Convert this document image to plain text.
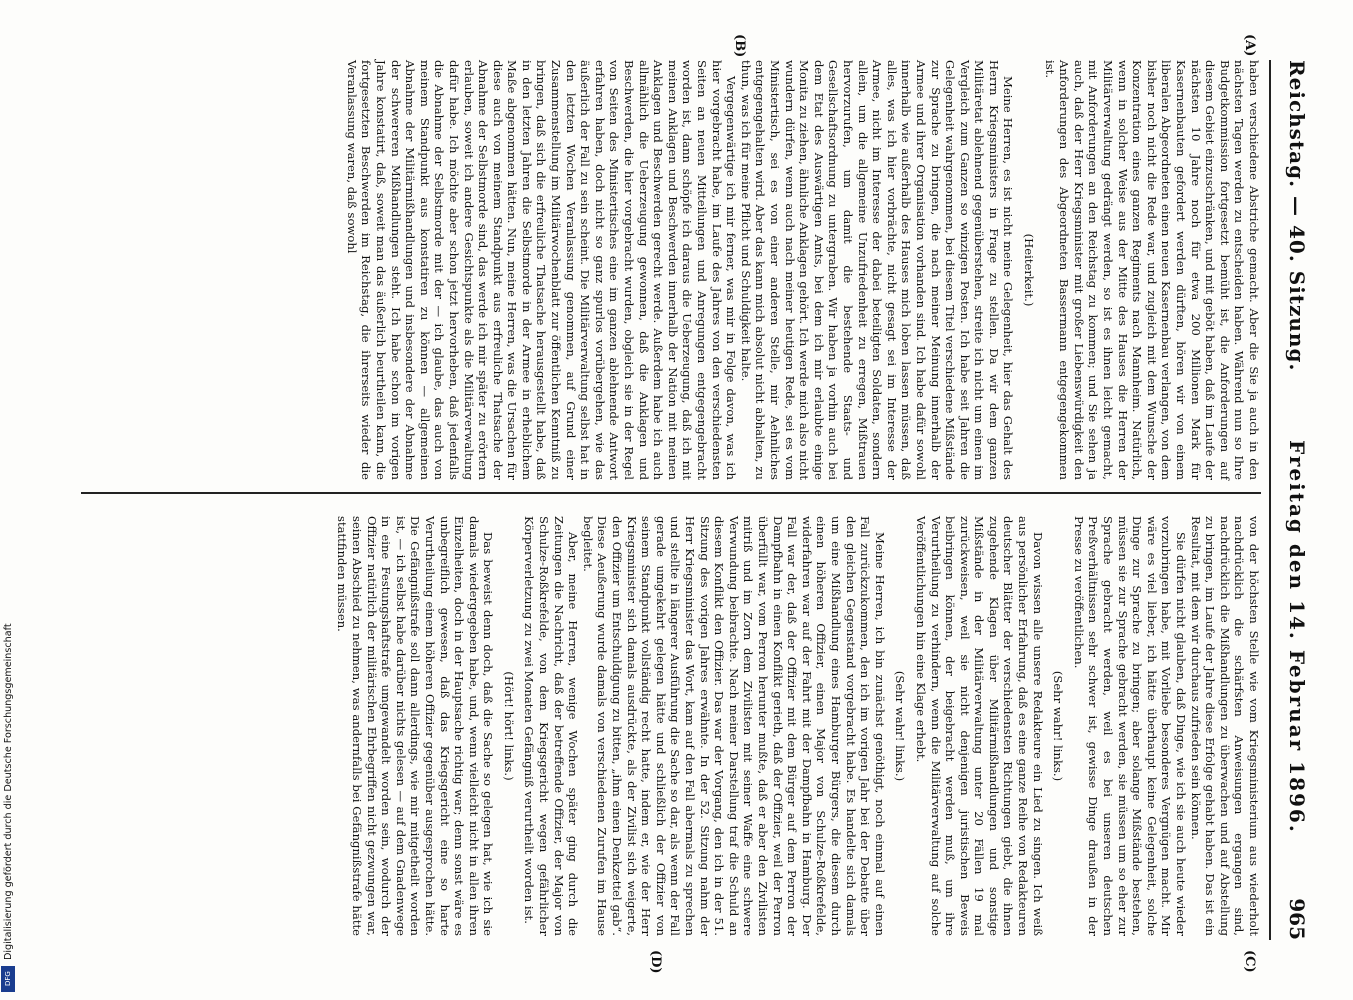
Reichstag. — 40. Sitzung.
Freitag den 14. Februar 1896.
965
(A)
(B)
(C)
(D)

haben verschiedene Abstriche gemacht. Aber die Sie ja auch in den nächsten Tagen werden zu entscheiden haben. Während nun so Ihre Budgetkommission fortgesetzt bemüht ist, die Anforderungen auf diesem Gebiet einzuschränken, und mit geböt haben, daß im Laufe der nächsten 10 Jahre noch für etwa 200 Millionen Mark für Kasernenbauten gefordert werden dürften, hören wir von einem liberalen Abgeordneten einen neuen Kasernenbau verlangen, von dem bisher noch nicht die Rede war, und zugleich mit dem Wunsche der Konzentration eines ganzen Regiments nach Mannheim. Natürlich, wenn in solcher Weise aus der Mitte des Hauses die Herren der Militärverwaltung gedrängt werden, so ist es ihnen leicht gemacht, mit Anforderungen an den Reichstag zu kommen; und Sie sehen ja auch, daß der Herr Kriegsminister mit großer Liebenswürdigkeit den Anforderungen des Abgeordneten Bassermann entgegengekommen ist.

(Heiterkeit.)

Meine Herren, es ist nicht meine Gelegenheit, hier das Gehalt des Herrn Kriegsministers in Frage zu stellen. Da wir dem ganzen Militäretat ablehnend gegenüberstehen, streite ich nicht um einen im Vergleich zum Ganzen so winzigen Posten. Ich habe seit Jahren die Gelegenheit wahrgenommen, bei diesem Titel verschiedene Mißstände zur Sprache zu bringen, die nach meiner Meinung innerhalb der Armee und ihrer Organisation vorhanden sind. Ich habe dafür sowohl innerhalb wie außerhalb des Hauses mich loben lassen müssen, daß alles, was ich hier vorbrächte, nicht gesagt sei im Interesse der Armee, nicht im Interesse der dabei beteiligten Soldaten, sondern allein, um die allgemeine Unzufriedenheit zu erregen, Mißtrauen hervorzurufen, um damit die bestehende Staats- und Gesellschaftsordnung zu untergraben. Wir haben ja vorhin auch bei dem Etat des Auswärtigen Amts, bei dem ich mir erlaubte einige Monita zu ziehen, ähnliche Anklagen gehört. Ich werde mich also nicht wundern dürfen, wenn auch nach meiner heutigen Rede, sei es vom Ministertisch, sei es von einer anderen Stelle, mir Aehnliches entgegengehalten wird. Aber das kann mich absolut nicht abhalten, zu thun, was ich für meine Pflicht und Schuldigkeit halte.

Vergegenwärtige ich mir ferner, was mir in Folge davon, was ich hier vorgebracht habe, im Laufe des Jahres von den verschiedensten Seiten an neuen Mitteilungen und Anregungen entgegengebracht worden ist, dann schöpfe ich daraus die Ueberzeugung, daß ich mit meinen Anklagen und Beschwerden innerhalb der Nation mit meinen Anklagen und Beschwerden gerecht werde. Außerdem habe ich auch allmählich die Ueberzeugung gewonnen, daß die Anklagen und Beschwerden, die hier vorgebracht wurden, obgleich sie in der Regel von Seiten des Ministertisches eine im ganzen ablehnende Antwort erfahren haben, doch nicht so ganz spurlos vorübergehen, wie das äußerlich der Fall zu sein scheint. Die Militärverwaltung selbst hat in den letzten Wochen Veranlassung genommen, auf Grund einer Zusammenstellung im Militärwochenblatt zur öffentlichen Kenntniß zu bringen, daß sich die erfreuliche Thatsache herausgestellt habe, daß in den letzten Jahren die Selbstmorde in der Armee in erheblichem Maße abgenommen hätten. Nun, meine Herren, was die Ursachen für diese auch von meinem Standpunkt aus erfreuliche Thatsache der Abnahme der Selbstmorde sind, das werde ich mir später zu erörtern erlauben, soweit ich andere Gesichtspunkte als die Militärverwaltung dafür habe. Ich möchte aber schon jetzt hervorheben, daß jedenfalls die Abnahme der Selbstmorde mit der — ich glaube, das auch von meinem Standpunkt aus konstatiren zu können — allgemeinen Abnahme der Militärmißhandlungen und insbesondere der Abnahme der schwereren Mißhandlungen steht. Ich habe schon im vorigen Jahre konstatirt, daß, soweit man das äußerlich beurtheilen kann, die fortgesetzten Beschwerden im Reichstag, die ihrerseits wieder die Veranlassung waren, daß sowohl

von der höchsten Stelle wie vom Kriegsministerium aus wiederholt nachdrücklich die schärfsten Anweisungen ergangen sind, nachdrücklich die Mißhandlungen zu überwachen und auf Abstellung zu bringen, im Laufe der Jahre diese Erfolge gehabt haben. Das ist ein Resultat, mit dem wir durchaus zufrieden sein können.

Sie dürfen nicht glauben, daß Dinge, wie ich sie auch heute wieder vorzubringen habe, mit Vorliebe besonderes Vergnügen macht. Mir wäre es viel lieber, ich hätte überhaupt keine Gelegenheit, solche Dinge zur Sprache zu bringen; aber solange Mißstände bestehen, müssen sie zur Sprache gebracht werden, sie müssen um so eher zur Sprache gebracht werden, weil es bei unseren deutschen Preßverhältnissen sehr schwer ist, gewisse Dinge draußen in der Presse zu veröffentlichen.

(Sehr wahr! links.)

Davon wissen alle unsere Redakteure ein Lied zu singen. Ich weiß aus persönlicher Erfahrung, daß es eine ganze Reihe von Redakteuren deutscher Blätter der verschiedensten Richtungen giebt, die ihnen zugehende Klagen über Militärmißhandlungen und sonstige Mißstände in der Militärverwaltung unter 20 Fällen 19 mal zurückweisen, weil sie nicht denjenigen juristischen Beweis beibringen können, der beigebracht werden muß, um ihre Verurtheilung zu verhindern, wenn die Militärverwaltung auf solche Veröffentlichungen hin eine Klage erhebt.

(Sehr wahr! links.)

Meine Herren, ich bin zunächst genöthigt, noch einmal auf einen Fall zurückzukommen, den ich im vorigen Jahr bei der Debatte über den gleichen Gegenstand vorgebracht habe. Es handelte sich damals um eine Mißhandlung eines Hamburger Bürgers, die diesem durch einen höheren Offizier, einen Major von Schulze-Roßkrefelde, widerfahren war auf der Fahrt mit der Dampfbahn in Hamburg. Der Fall war der, daß der Offizier mit dem Bürger auf dem Perron der Dampfbahn in einen Konflikt gerieth, daß der Offizier, weil der Perron überfüllt war, vom Perron herunter mußte, daß er aber den Zivilisten mitriß und im Zorn dem Zivilisten mit seiner Waffe eine schwere Verwundung beibrachte. Nach meiner Darstellung traf die Schuld an diesem Konflikt den Offizier. Das war der Vorgang, den ich in der 51. Sitzung des vorigen Jahres erwähnte. In der 52. Sitzung nahm der Herr Kriegsminister das Wort, kam auf den Fall abermals zu sprechen und stellte in längerer Ausführung die Sache so dar, als wenn der Fall gerade umgekehrt gelegen hätte und schließlich der Offizier von seinem Standpunkt vollständig recht hatte, indem er, wie der Herr Kriegsminister sich damals ausdrückte, als der Zivilist sich weigerte, den Offizier um Entschuldigung zu bitten, „ihm einen Denkzettel gab“. Diese Aeußerung wurde damals von verschiedenen Zurufen im Hause begleitet.

Aber, meine Herren, wenige Wochen später ging durch die Zeitungen die Nachricht, daß der betreffende Offizier, der Major von Schulze-Roßkrefelde, von dem Kriegsgericht wegen gefährlicher Körperverletzung zu zwei Monaten Gefängniß verurtheilt worden ist.

(Hört! hört! links.)

Das beweist denn doch, daß die Sache so gelegen hat, wie ich sie damals wiedergegeben habe, und, wenn vielleicht nicht in allen ihren Einzelheiten, doch in der Hauptsache richtig war; denn sonst wäre es unbegreiflich gewesen, daß das Kriegsgericht eine so harte Verurtheilung einem höheren Offizier gegenüber ausgesprochen hätte. Die Gefängnißstrafe soll dann allerdings, wie mir mitgetheilt worden ist, — ich selbst habe darüber nichts gelesen — auf dem Gnadenwege in eine Festungshaftstrafe umgewandelt worden sein, wodurch der Offizier natürlich der militärischen Ehrbegriffen nicht gezwungen war, seinen Abschied zu nehmen, was andernfalls bei Gefängnißstrafe hätte stattfinden müssen.

Digitalisierung gefördert durch die Deutsche Forschungsgemeinschaft
DFG
